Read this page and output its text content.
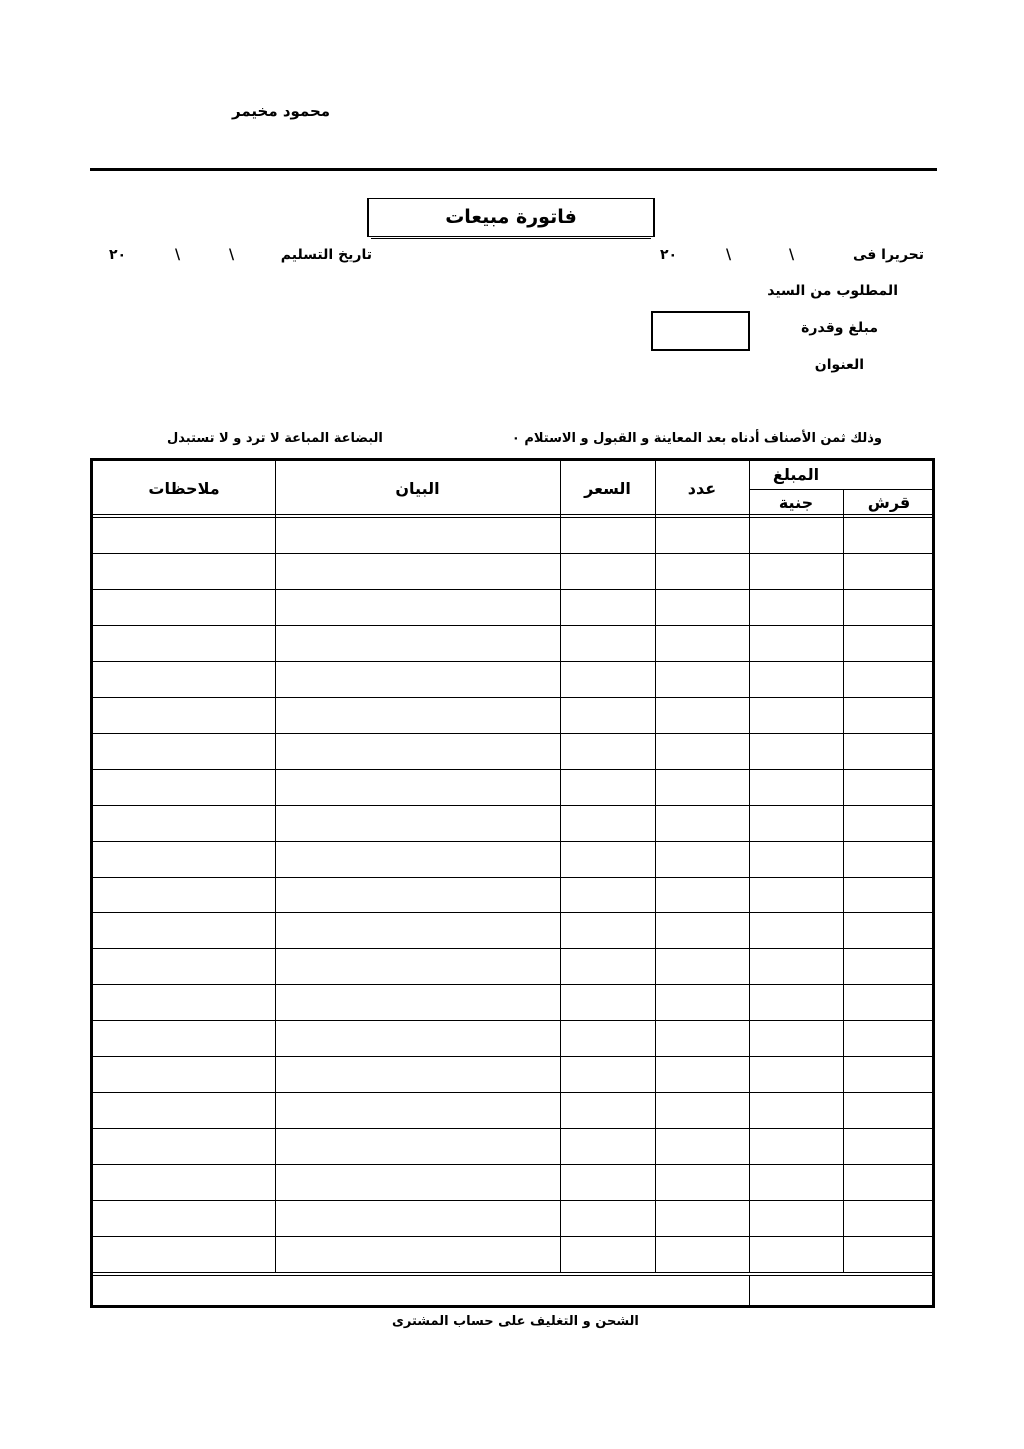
محمود مخيمر
فاتورة مبيعات
تحريرا فى
\
\
٢٠
تاريخ التسليم
\
\
٢٠
المطلوب من السيد
مبلغ وقدرة
العنوان
وذلك ثمن الأصناف أدناه بعد المعاينة و القبول و الاستلام ٠
البضاعة المباعة لا ترد و لا تستبدل
المبلغ
قرش
جنية
عدد
السعر
البيان
ملاحظات
الشحن و التغليف على حساب المشترى
